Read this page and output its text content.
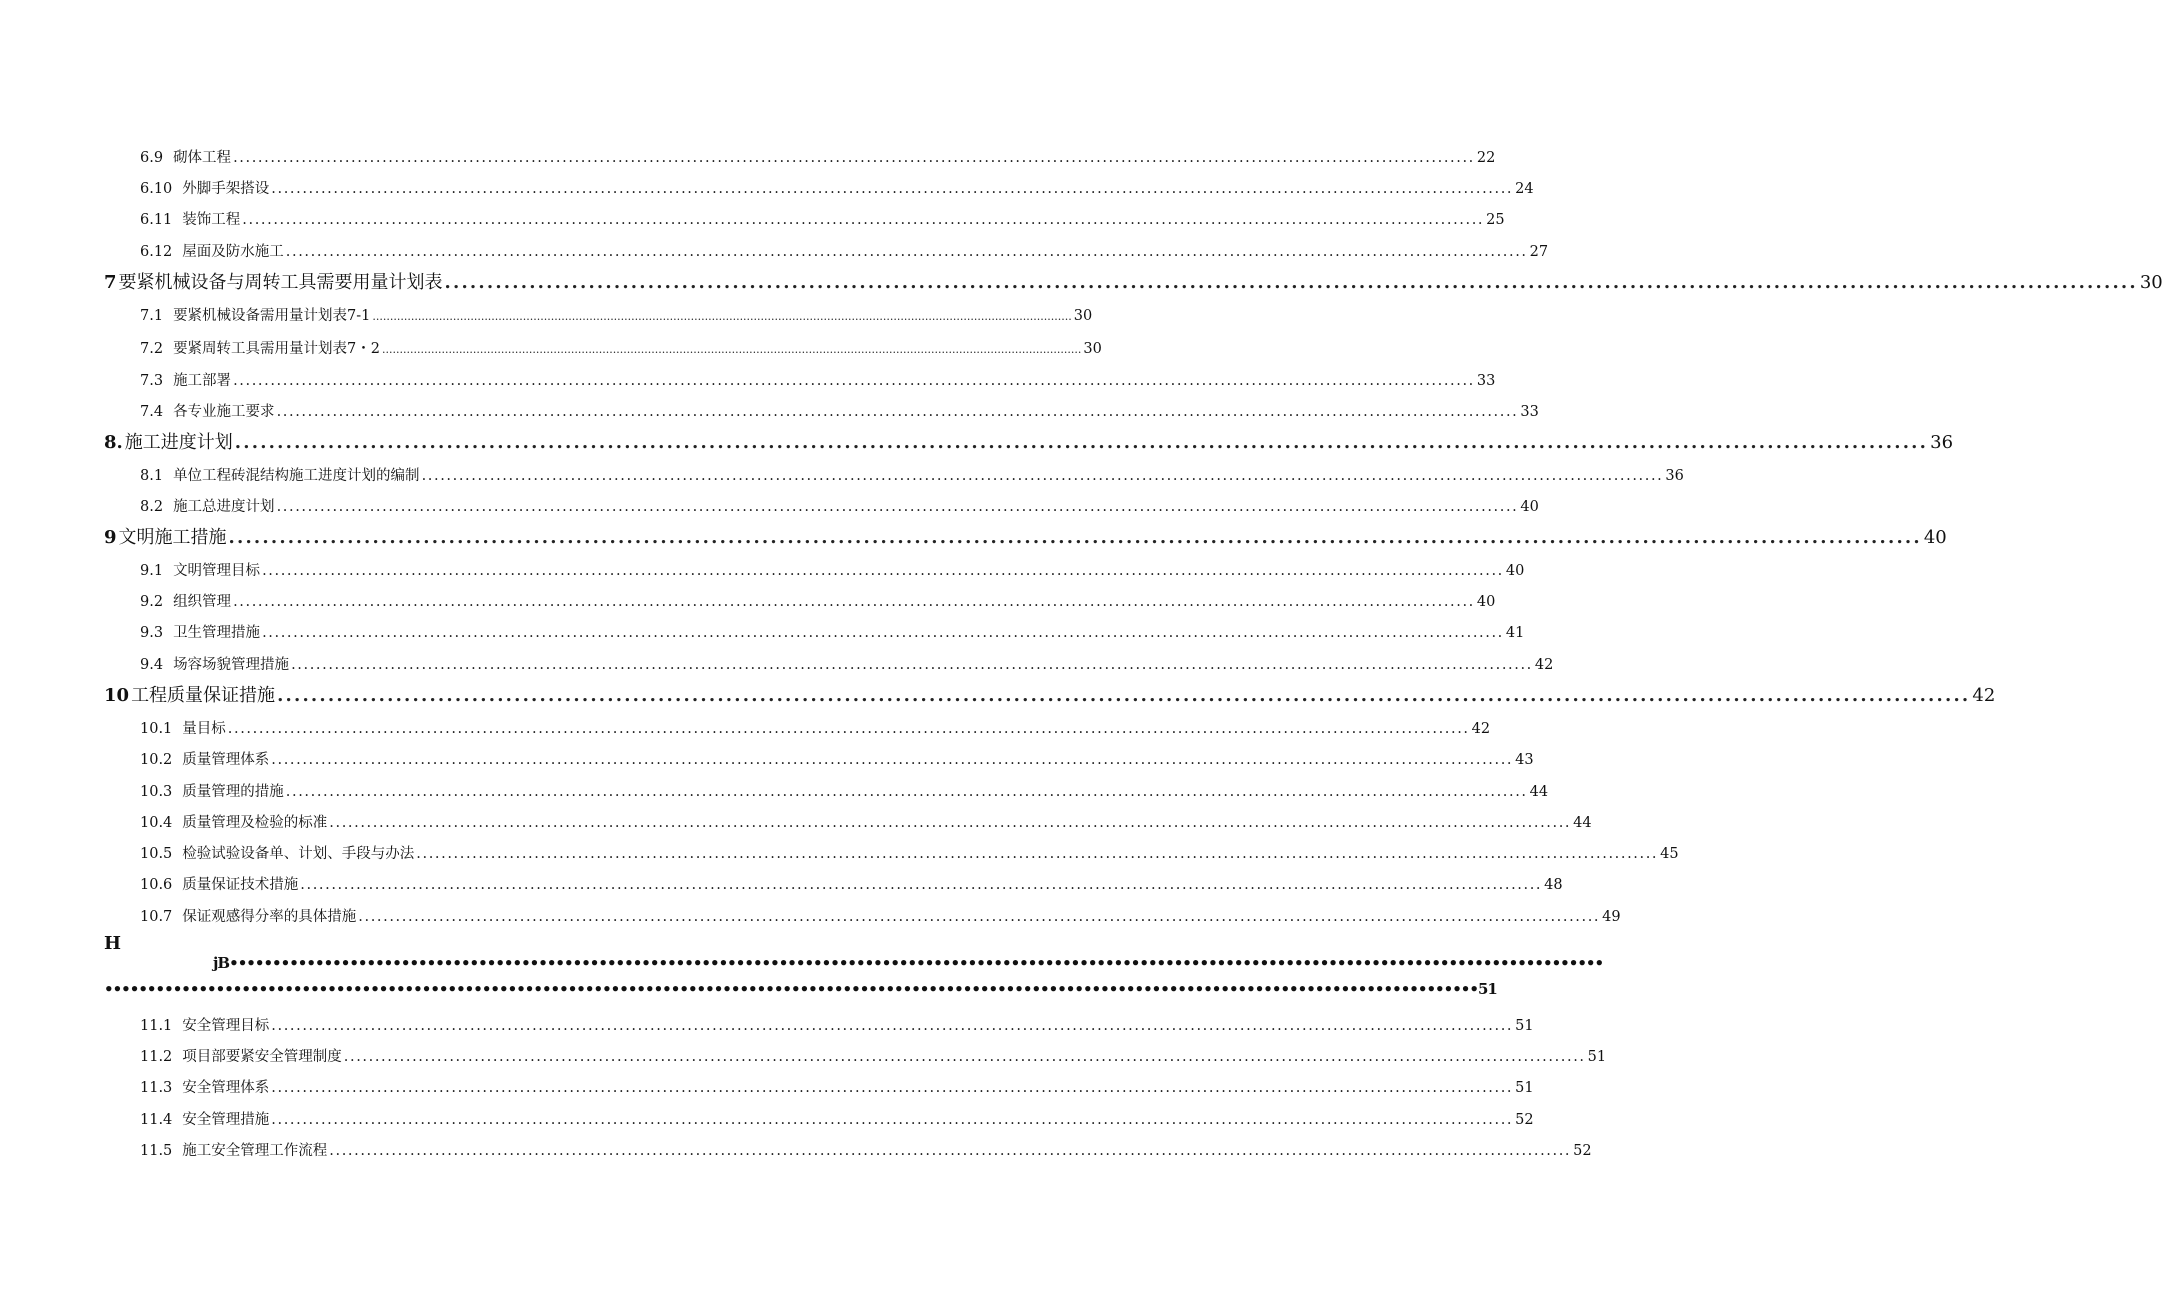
6.9 砌体工程 ........................................................................................................................................................................................................ 22
6.10 外脚手架搭设 ........................................................................................................................................................................................................ 24
6.11 装饰工程 ........................................................................................................................................................................................................ 25
6.12 屋面及防水施工 ........................................................................................................................................................................................................ 27
7 要紧机械设备与周转工具需要用量计划表 ........................................................................................................................................................................................................ 30
7.1 要紧机械设备需用量计划表7-1 ........................................................................................................................................................................................................ 30
7.2 要紧周转工具需用量计划表7・2 ........................................................................................................................................................................................................ 30
7.3 施工部署 ........................................................................................................................................................................................................ 33
7.4 各专业施工要求 ........................................................................................................................................................................................................ 33
8. 施工进度计划 ........................................................................................................................................................................................................ 36
8.1 单位工程砖混结构施工进度计划的编制 ........................................................................................................................................................................................................ 36
8.2 施工总进度计划 ........................................................................................................................................................................................................ 40
9 文明施工措施 ........................................................................................................................................................................................................ 40
9.1 文明管理目标 ........................................................................................................................................................................................................ 40
9.2 组织管理 ........................................................................................................................................................................................................ 40
9.3 卫生管理措施 ........................................................................................................................................................................................................ 41
9.4 场容场貌管理措施 ........................................................................................................................................................................................................ 42
10 工程质量保证措施 ........................................................................................................................................................................................................ 42
10.1 量目标 ........................................................................................................................................................................................................ 42
10.2 质量管理体系 ........................................................................................................................................................................................................ 43
10.3 质量管理的措施 ........................................................................................................................................................................................................ 44
10.4 质量管理及检验的标准 ........................................................................................................................................................................................................ 44
10.5 检验试验设备单、计划、手段与办法 ........................................................................................................................................................................................................ 45
10.6 质量保证技术措施 ........................................................................................................................................................................................................ 48
10.7 保证观感得分率的具体措施 ........................................................................................................................................................................................................ 49
H
jB••••••••••••••••••••••••••••••••••••••••••••••••••••••••••••••••••••••••••••••••••••••••••••••••••••••••••••••••••••••••••••••••••••••••••••••••••••••••••••••••
••••••••••••••••••••••••••••••••••••••••••••••••••••••••••••••••••••••••••••••••••••••••••••••••••••••••••••••••••••••••••••••••••••••••••••••••••••••••••••••••51
11.1 安全管理目标 ........................................................................................................................................................................................................ 51
11.2 项目部要紧安全管理制度 ........................................................................................................................................................................................................ 51
11.3 安全管理体系 ........................................................................................................................................................................................................ 51
11.4 安全管理措施 ........................................................................................................................................................................................................ 52
11.5 施工安全管理工作流程 ........................................................................................................................................................................................................ 52
